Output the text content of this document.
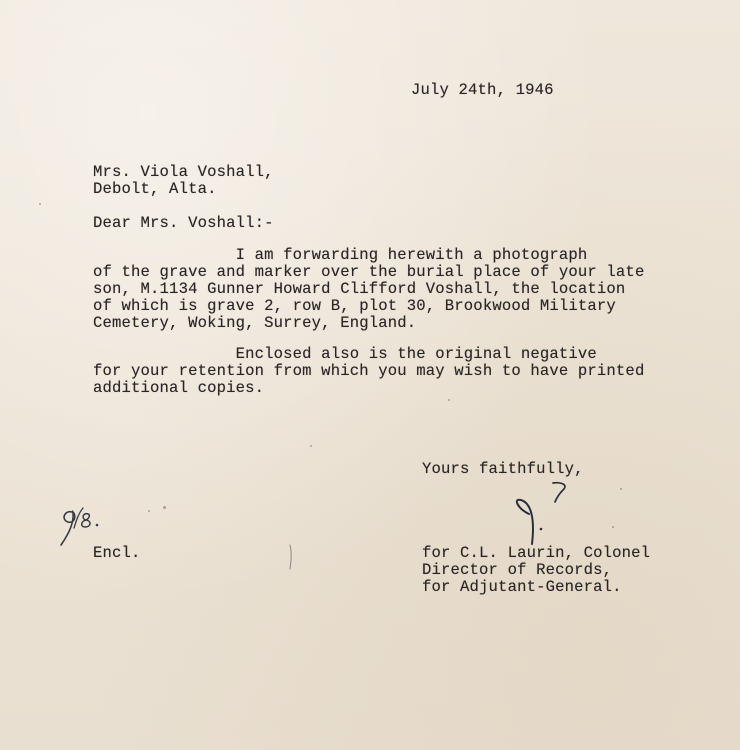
July 24th, 1946
Mrs. Viola Voshall,
Debolt, Alta.
Dear Mrs. Voshall:-
I am forwarding herewith a photograph
of the grave and marker over the burial place of your late
son, M.1134 Gunner Howard Clifford Voshall, the location
of which is grave 2, row B, plot 30, Brookwood Military
Cemetery, Woking, Surrey, England.
Enclosed also is the original negative
for your retention from which you may wish to have printed
additional copies.
Yours faithfully,
Encl.	for C.L. Laurin, Colonel
Director of Records,
for Adjutant-General.
